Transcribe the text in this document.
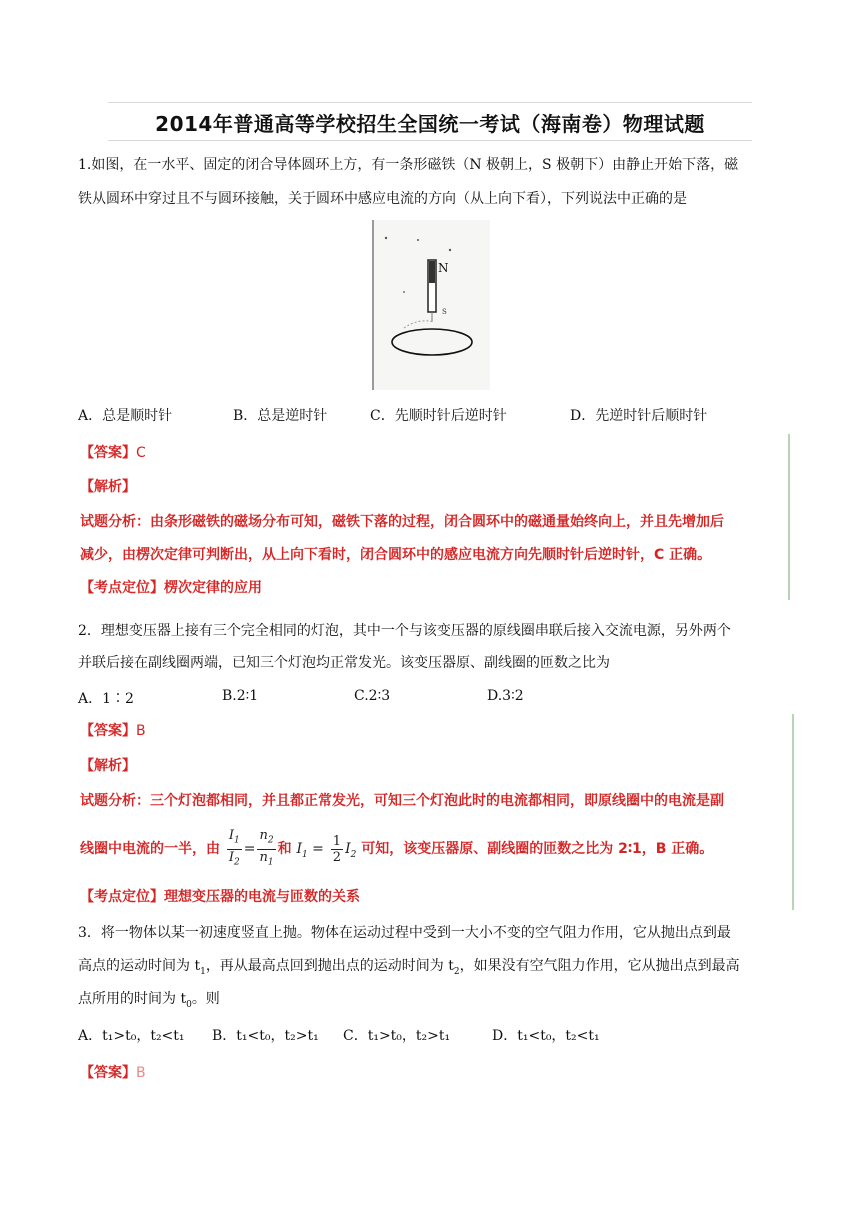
2014年普通高等学校招生全国统一考试（海南卷）物理试题
1.如图，在一水平、固定的闭合导体圆环上方，有一条形磁铁（N 极朝上，S 极朝下）由静止开始下落，磁
铁从圆环中穿过且不与圆环接触，关于圆环中感应电流的方向（从上向下看），下列说法中正确的是
N
S
A．总是顺时针	B．总是逆时针	C．先顺时针后逆时针	D．先逆时针后顺时针
【答案】C
【解析】
试题分析：由条形磁铁的磁场分布可知，磁铁下落的过程，闭合圆环中的磁通量始终向上，并且先增加后
减少，由楞次定律可判断出，从上向下看时，闭合圆环中的感应电流方向先顺时针后逆时针，C 正确。
【考点定位】楞次定律的应用
2．理想变压器上接有三个完全相同的灯泡，其中一个与该变压器的原线圈串联后接入交流电源，另外两个
并联后接在副线圈两端，已知三个灯泡均正常发光。该变压器原、副线圈的匝数之比为
A．1∶2	B.2∶1	C.2∶3	D.3∶2
【答案】B
【解析】
试题分析：三个灯泡都相同，并且都正常发光，可知三个灯泡此时的电流都相同，即原线圈中的电流是副
线圈中电流的一半，由 $\frac{I_1}{I_2} = \frac{n_2}{n_1}$ 和 $I_1 = \frac{1}{2} I_2$ 可知，该变压器原、副线圈的匝数之比为 2∶1，B 正确。
【考点定位】理想变压器的电流与匝数的关系
3．将一物体以某一初速度竖直上抛。物体在运动过程中受到一大小不变的空气阻力作用，它从抛出点到最
高点的运动时间为 $t_1$，再从最高点回到抛出点的运动时间为 $t_2$，如果没有空气阻力作用，它从抛出点到最高
点所用的时间为 $t_0$。则
A．t₁>t₀，t₂<t₁ B．t₁<t₀，t₂>t₁ C．t₁>t₀，t₂>t₁	D．t₁<t₀，t₂<t₁
【答案】B
